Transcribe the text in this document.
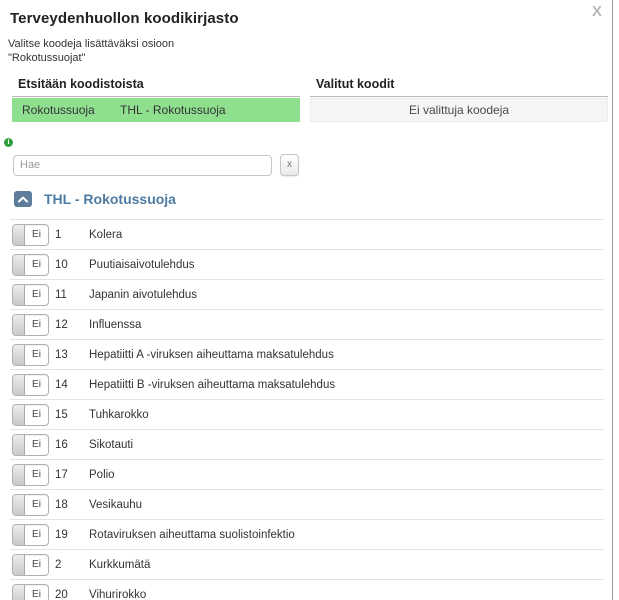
Terveydenhuollon koodikirjasto	X
Valitse koodeja lisättäväksi osioon
"Rokotussuojat"
Etsitään koodistoista
Rokotussuoja	THL - Rokotussuoja
Valitut koodit
Ei valittuja koodeja
i
Hae
x
THL - Rokotussuoja
Ei	1	Kolera
Ei	10	Puutiaisaivotulehdus
Ei	11	Japanin aivotulehdus
Ei	12	Influenssa
Ei	13	Hepatiitti A -viruksen aiheuttama maksatulehdus
Ei	14	Hepatiitti B -viruksen aiheuttama maksatulehdus
Ei	15	Tuhkarokko
Ei	16	Sikotauti
Ei	17	Polio
Ei	18	Vesikauhu
Ei	19	Rotaviruksen aiheuttama suolistoinfektio
Ei	2	Kurkkumätä
Ei	20	Vihurirokko
